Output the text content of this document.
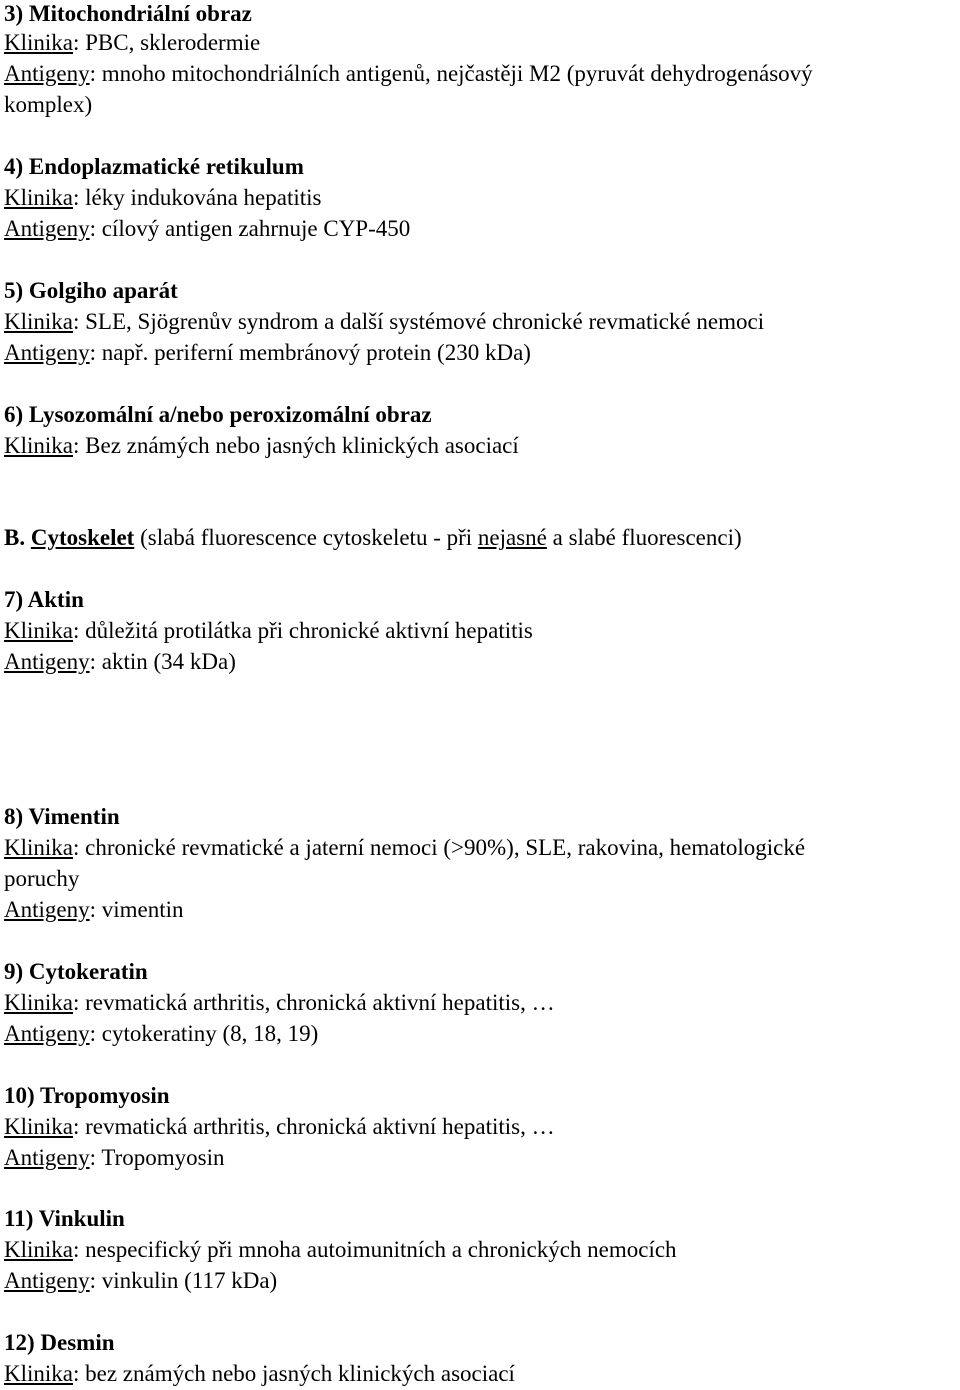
3) Mitochondriální obraz
Klinika: PBC, sklerodermie
Antigeny: mnoho mitochondriálních antigenů, nejčastěji M2 (pyruvát dehydrogenásový
komplex)
4) Endoplazmatické retikulum
Klinika: léky indukována hepatitis
Antigeny: cílový antigen zahrnuje CYP-450
5) Golgiho aparát
Klinika: SLE, Sjögrenův syndrom a další systémové chronické revmatické nemoci
Antigeny: např. periferní membránový protein (230 kDa)
6) Lysozomální a/nebo peroxizomální obraz
Klinika: Bez známých nebo jasných klinických asociací
B. Cytoskelet (slabá fluorescence cytoskeletu - při nejasné a slabé fluorescenci)
7) Aktin
Klinika: důležitá protilátka při chronické aktivní hepatitis
Antigeny: aktin (34 kDa)
8) Vimentin
Klinika: chronické revmatické a jaterní nemoci (>90%), SLE, rakovina, hematologické
poruchy
Antigeny: vimentin
9) Cytokeratin
Klinika: revmatická arthritis, chronická aktivní hepatitis, …
Antigeny: cytokeratiny (8, 18, 19)
10) Tropomyosin
Klinika: revmatická arthritis, chronická aktivní hepatitis, …
Antigeny: Tropomyosin
11) Vinkulin
Klinika: nespecifický při mnoha autoimunitních a chronických nemocích
Antigeny: vinkulin (117 kDa)
12) Desmin
Klinika: bez známých nebo jasných klinických asociací
